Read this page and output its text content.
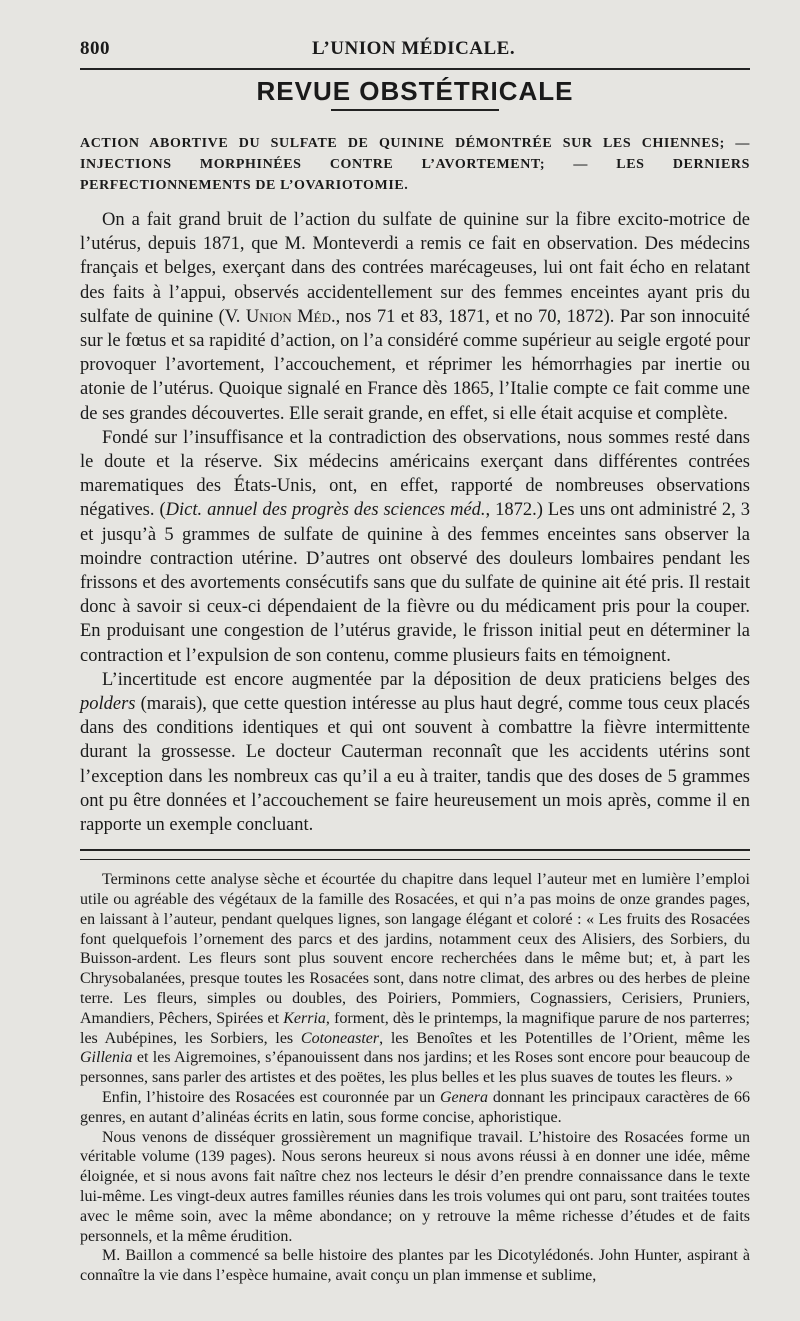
800	L’UNION MÉDICALE.
REVUE OBSTÉTRICALE
ACTION ABORTIVE DU SULFATE DE QUININE DÉMONTRÉE SUR LES CHIENNES; — INJECTIONS MORPHINÉES CONTRE L’AVORTEMENT; — LES DERNIERS PERFECTIONNEMENTS DE L’OVARIOTOMIE.

On a fait grand bruit de l’action du sulfate de quinine sur la fibre excito-motrice de l’utérus, depuis 1871, que M. Monteverdi a remis ce fait en observation. Des médecins français et belges, exerçant dans des contrées marécageuses, lui ont fait écho en relatant des faits à l’appui, observés accidentellement sur des femmes enceintes ayant pris du sulfate de quinine (V. Union Méd., nos 71 et 83, 1871, et no 70, 1872). Par son innocuité sur le fœtus et sa rapidité d’action, on l’a considéré comme supérieur au seigle ergoté pour provoquer l’avortement, l’accouchement, et réprimer les hémorrhagies par inertie ou atonie de l’utérus. Quoique signalé en France dès 1865, l’Italie compte ce fait comme une de ses grandes découvertes. Elle serait grande, en effet, si elle était acquise et complète.

Fondé sur l’insuffisance et la contradiction des observations, nous sommes resté dans le doute et la réserve. Six médecins américains exerçant dans différentes contrées marematiques des États-Unis, ont, en effet, rapporté de nombreuses observations négatives. (Dict. annuel des progrès des sciences méd., 1872.) Les uns ont administré 2, 3 et jusqu’à 5 grammes de sulfate de quinine à des femmes enceintes sans observer la moindre contraction utérine. D’autres ont observé des douleurs lombaires pendant les frissons et des avortements consécutifs sans que du sulfate de quinine ait été pris. Il restait donc à savoir si ceux-ci dépendaient de la fièvre ou du médicament pris pour la couper. En produisant une congestion de l’utérus gravide, le frisson initial peut en déterminer la contraction et l’expulsion de son contenu, comme plusieurs faits en témoignent.

L’incertitude est encore augmentée par la déposition de deux praticiens belges des polders (marais), que cette question intéresse au plus haut degré, comme tous ceux placés dans des conditions identiques et qui ont souvent à combattre la fièvre intermittente durant la grossesse. Le docteur Cauterman reconnaît que les accidents utérins sont l’exception dans les nombreux cas qu’il a eu à traiter, tandis que des doses de 5 grammes ont pu être données et l’accouchement se faire heureusement un mois après, comme il en rapporte un exemple concluant.

Terminons cette analyse sèche et écourtée du chapitre dans lequel l’auteur met en lumière l’emploi utile ou agréable des végétaux de la famille des Rosacées, et qui n’a pas moins de onze grandes pages, en laissant à l’auteur, pendant quelques lignes, son langage élégant et coloré : « Les fruits des Rosacées font quelquefois l’ornement des parcs et des jardins, notamment ceux des Alisiers, des Sorbiers, du Buisson-ardent. Les fleurs sont plus souvent encore recherchées dans le même but; et, à part les Chrysobalanées, presque toutes les Rosacées sont, dans notre climat, des arbres ou des herbes de pleine terre. Les fleurs, simples ou doubles, des Poiriers, Pommiers, Cognassiers, Cerisiers, Pruniers, Amandiers, Pêchers, Spirées et Kerria, forment, dès le printemps, la magnifique parure de nos parterres; les Aubépines, les Sorbiers, les Cotoneaster, les Benoîtes et les Potentilles de l’Orient, même les Gillenia et les Aigremoines, s’épanouissent dans nos jardins; et les Roses sont encore pour beaucoup de personnes, sans parler des artistes et des poëtes, les plus belles et les plus suaves de toutes les fleurs. »

Enfin, l’histoire des Rosacées est couronnée par un Genera donnant les principaux caractères de 66 genres, en autant d’alinéas écrits en latin, sous forme concise, aphoristique.

Nous venons de disséquer grossièrement un magnifique travail. L’histoire des Rosacées forme un véritable volume (139 pages). Nous serons heureux si nous avons réussi à en donner une idée, même éloignée, et si nous avons fait naître chez nos lecteurs le désir d’en prendre connaissance dans le texte lui-même. Les vingt-deux autres familles réunies dans les trois volumes qui ont paru, sont traitées toutes avec le même soin, avec la même abondance; on y retrouve la même richesse d’études et de faits personnels, et la même érudition.

M. Baillon a commencé sa belle histoire des plantes par les Dicotylédonés. John Hunter, aspirant à connaître la vie dans l’espèce humaine, avait conçu un plan immense et sublime,
